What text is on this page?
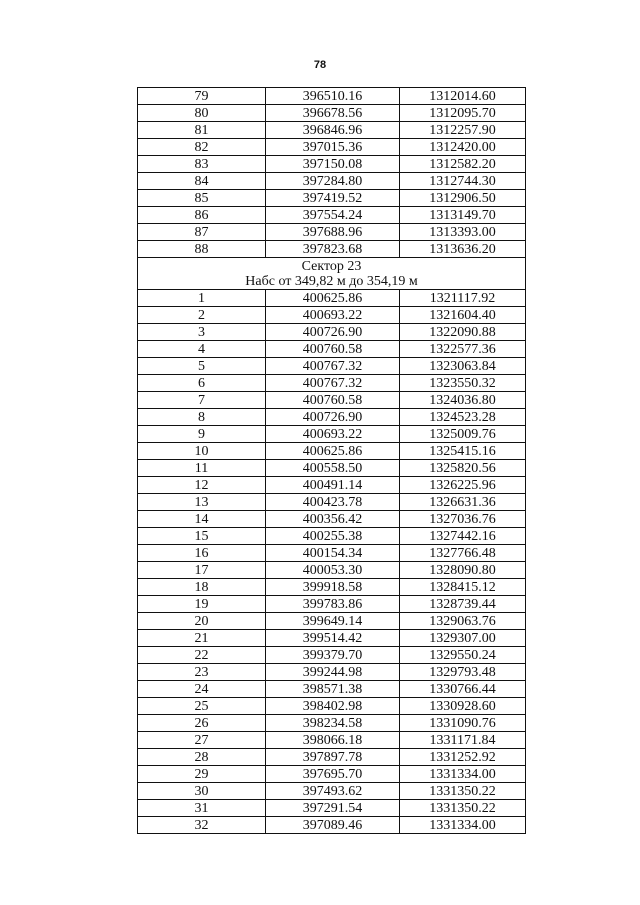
78
79	396510.16	1312014.60
80	396678.56	1312095.70
81	396846.96	1312257.90
82	397015.36	1312420.00
83	397150.08	1312582.20
84	397284.80	1312744.30
85	397419.52	1312906.50
86	397554.24	1313149.70
87	397688.96	1313393.00
88	397823.68	1313636.20

Сектор 23
Набс от 349,82 м до 354,19 м		

1	400625.86	1321117.92
2	400693.22	1321604.40
3	400726.90	1322090.88
4	400760.58	1322577.36
5	400767.32	1323063.84
6	400767.32	1323550.32
7	400760.58	1324036.80
8	400726.90	1324523.28
9	400693.22	1325009.76
10	400625.86	1325415.16
11	400558.50	1325820.56
12	400491.14	1326225.96
13	400423.78	1326631.36
14	400356.42	1327036.76
15	400255.38	1327442.16
16	400154.34	1327766.48
17	400053.30	1328090.80
18	399918.58	1328415.12
19	399783.86	1328739.44
20	399649.14	1329063.76
21	399514.42	1329307.00
22	399379.70	1329550.24
23	399244.98	1329793.48
24	398571.38	1330766.44
25	398402.98	1330928.60
26	398234.58	1331090.76
27	398066.18	1331171.84
28	397897.78	1331252.92
29	397695.70	1331334.00
30	397493.62	1331350.22
31	397291.54	1331350.22
32	397089.46	1331334.00
